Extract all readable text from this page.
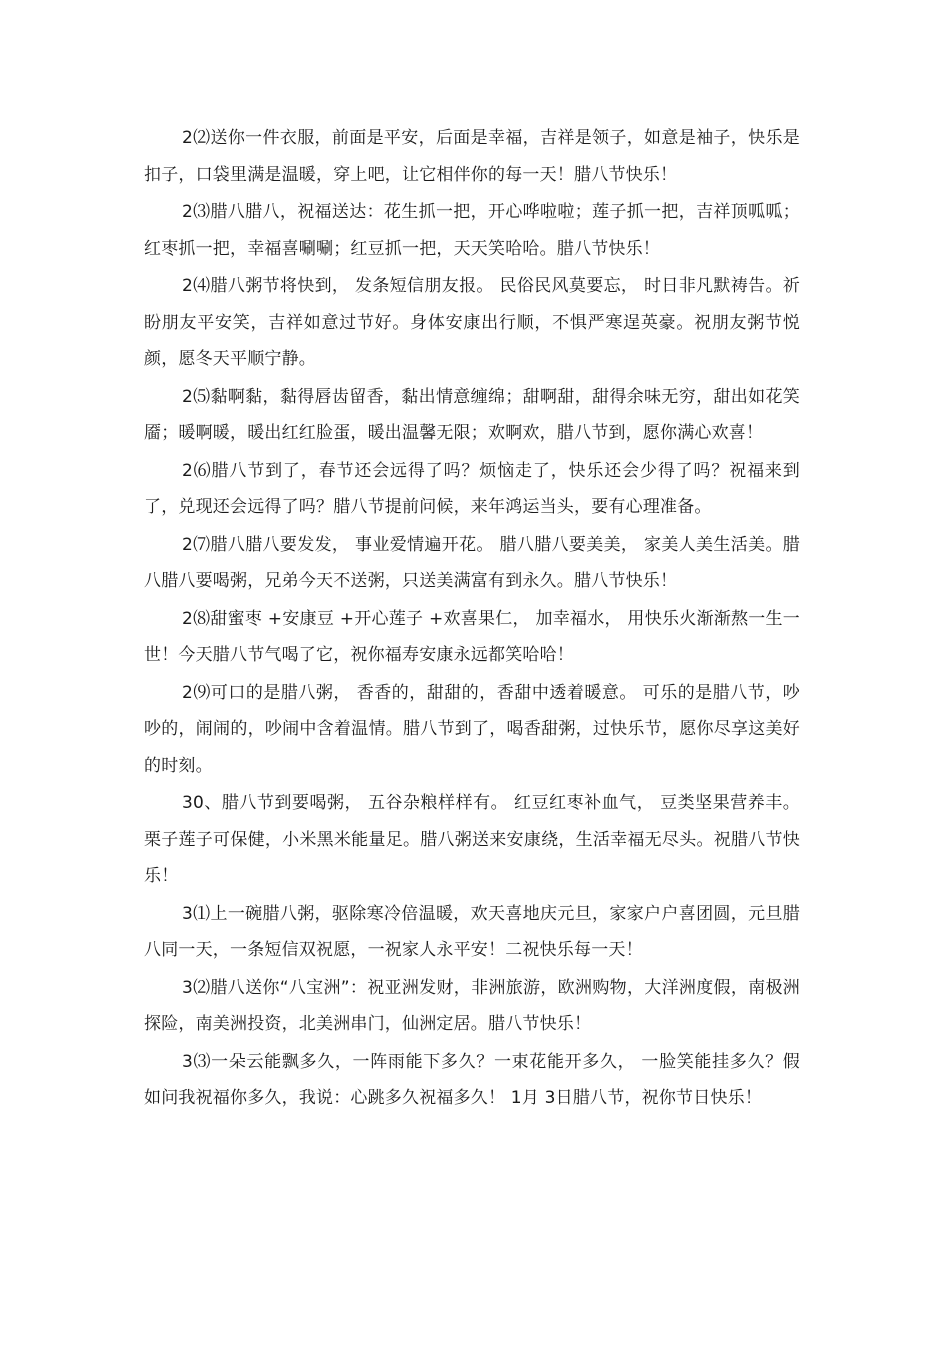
2⑵送你一件衣服，前面是平安，后面是幸福，吉祥是领子，如意是袖子，快乐是扣子，口袋里满是温暖，穿上吧，让它相伴你的每一天！腊八节快乐！

2⑶腊八腊八，祝福送达：花生抓一把，开心哗啦啦；莲子抓一把，吉祥顶呱呱；红枣抓一把，幸福喜唰唰；红豆抓一把，天天笑哈哈。腊八节快乐！

2⑷腊八粥节将快到， 发条短信朋友报。 民俗民风莫要忘， 时日非凡默祷告。祈盼朋友平安笑，吉祥如意过节好。身体安康出行顺，不惧严寒逞英豪。祝朋友粥节悦颜，愿冬天平顺宁静。

2⑸黏啊黏，黏得唇齿留香，黏出情意缠绵；甜啊甜，甜得余味无穷，甜出如花笑靥；暖啊暖，暖出红红脸蛋，暖出温馨无限；欢啊欢，腊八节到，愿你满心欢喜！

2⑹腊八节到了，春节还会远得了吗？烦恼走了，快乐还会少得了吗？祝福来到了，兑现还会远得了吗？腊八节提前问候，来年鸿运当头，要有心理准备。

2⑺腊八腊八要发发， 事业爱情遍开花。 腊八腊八要美美， 家美人美生活美。腊八腊八要喝粥，兄弟今天不送粥，只送美满富有到永久。腊八节快乐！

2⑻甜蜜枣 +安康豆 +开心莲子 +欢喜果仁， 加幸福水， 用快乐火渐渐熬一生一世！今天腊八节气喝了它，祝你福寿安康永远都笑哈哈！

2⑼可口的是腊八粥， 香香的，甜甜的，香甜中透着暖意。 可乐的是腊八节，吵吵的，闹闹的，吵闹中含着温情。腊八节到了，喝香甜粥，过快乐节，愿你尽享这美好的时刻。

30、腊八节到要喝粥， 五谷杂粮样样有。 红豆红枣补血气， 豆类坚果营养丰。栗子莲子可保健，小米黑米能量足。腊八粥送来安康绕，生活幸福无尽头。祝腊八节快乐！

3⑴上一碗腊八粥，驱除寒冷倍温暖，欢天喜地庆元旦，家家户户喜团圆，元旦腊八同一天，一条短信双祝愿，一祝家人永平安！二祝快乐每一天！

3⑵腊八送你“八宝洲”：祝亚洲发财，非洲旅游，欧洲购物，大洋洲度假，南极洲探险，南美洲投资，北美洲串门，仙洲定居。腊八节快乐！

3⑶一朵云能飘多久，一阵雨能下多久？一束花能开多久， 一脸笑能挂多久？假如问我祝福你多久，我说：心跳多久祝福多久！ 1月 3日腊八节，祝你节日快乐！
